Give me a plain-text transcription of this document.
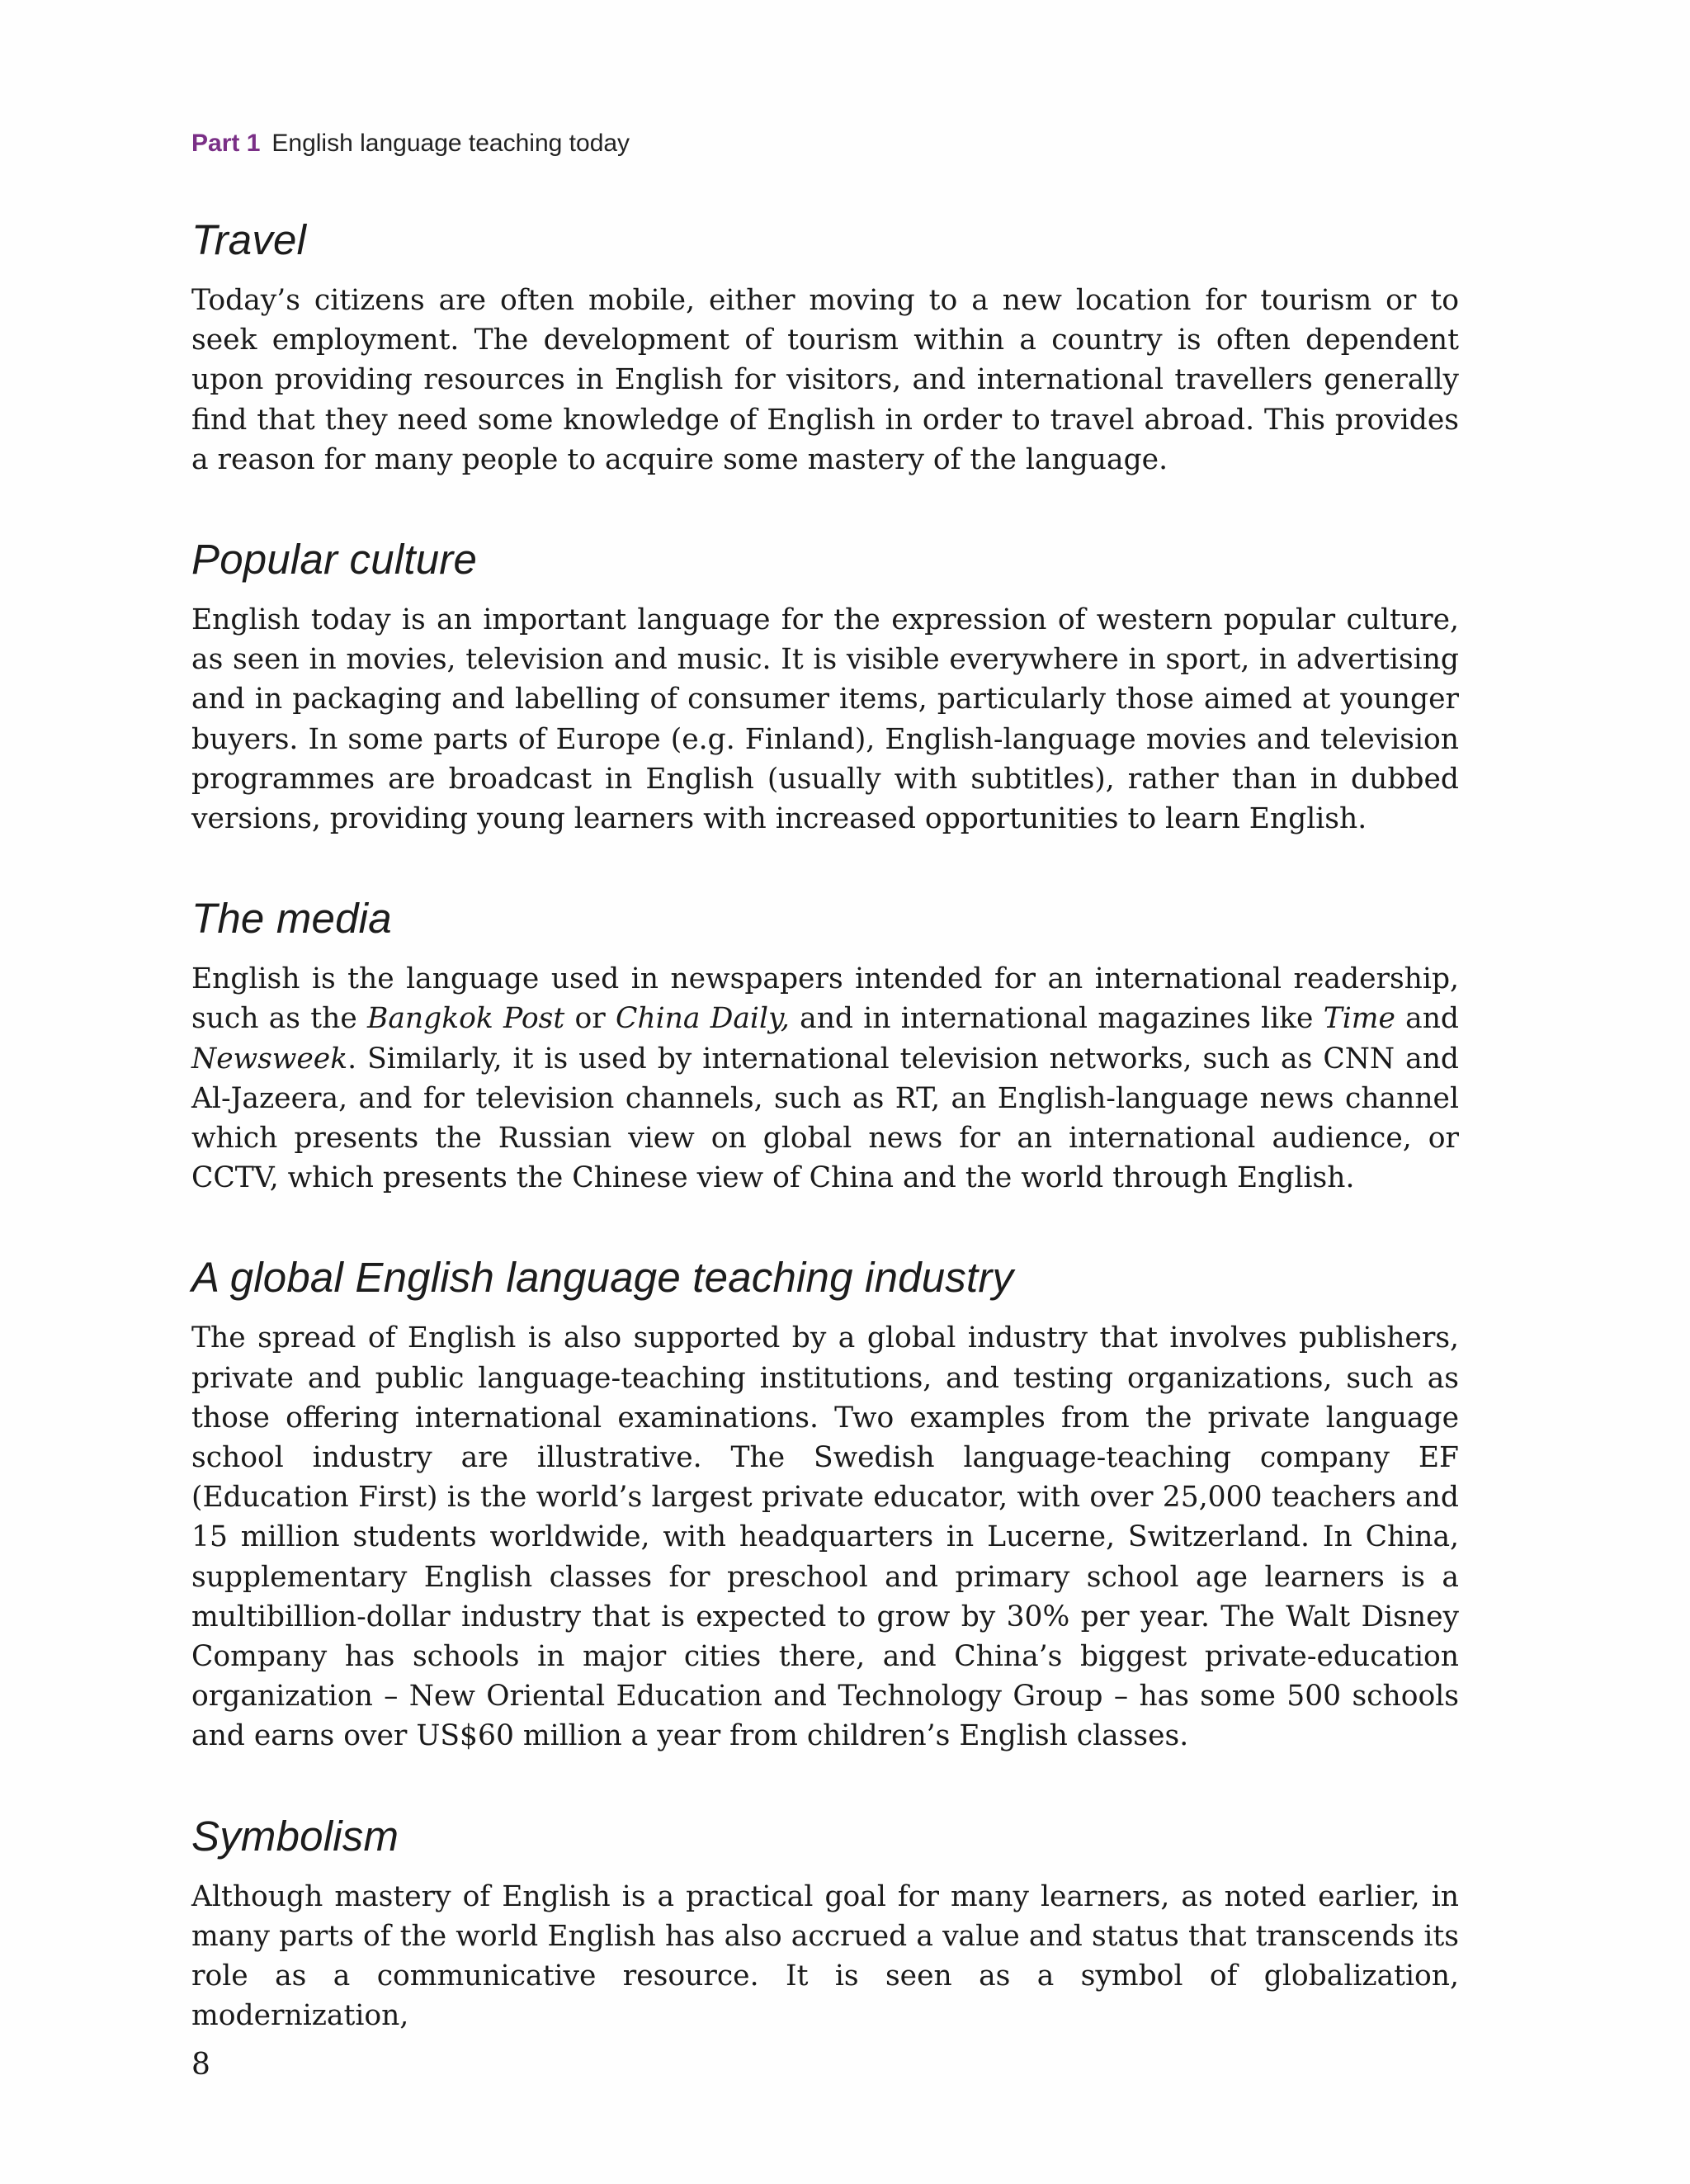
Part 1 English language teaching today
Travel

Today’s citizens are often mobile, either moving to a new location for tourism or to seek employment. The development of tourism within a country is often dependent upon providing resources in English for visitors, and international travellers generally find that they need some knowledge of English in order to travel abroad. This provides a reason for many people to acquire some mastery of the language.

Popular culture

English today is an important language for the expression of western popular culture, as seen in movies, television and music. It is visible everywhere in sport, in advertising and in packaging and labelling of consumer items, particularly those aimed at younger buyers. In some parts of Europe (e.g. Finland), English-language movies and television programmes are broadcast in English (usually with subtitles), rather than in dubbed versions, providing young learners with increased opportunities to learn English.

The media

English is the language used in newspapers intended for an international readership, such as the Bangkok Post or China Daily, and in international magazines like Time and Newsweek. Similarly, it is used by international television networks, such as CNN and Al-Jazeera, and for television channels, such as RT, an English-language news channel which presents the Russian view on global news for an international audience, or CCTV, which presents the Chinese view of China and the world through English.

A global English language teaching industry

The spread of English is also supported by a global industry that involves publishers, private and public language-teaching institutions, and testing organizations, such as those offering international examinations. Two examples from the private language school industry are illustrative. The Swedish language-teaching company EF (Education First) is the world’s largest private educator, with over 25,000 teachers and 15 million students worldwide, with headquarters in Lucerne, Switzerland. In China, supplementary English classes for preschool and primary school age learners is a multibillion-dollar industry that is expected to grow by 30% per year. The Walt Disney Company has schools in major cities there, and China’s biggest private-education organization – New Oriental Education and Technology Group – has some 500 schools and earns over US$60 million a year from children’s English classes.

Symbolism

Although mastery of English is a practical goal for many learners, as noted earlier, in many parts of the world English has also accrued a value and status that transcends its role as a communicative resource. It is seen as a symbol of globalization, modernization,

8
